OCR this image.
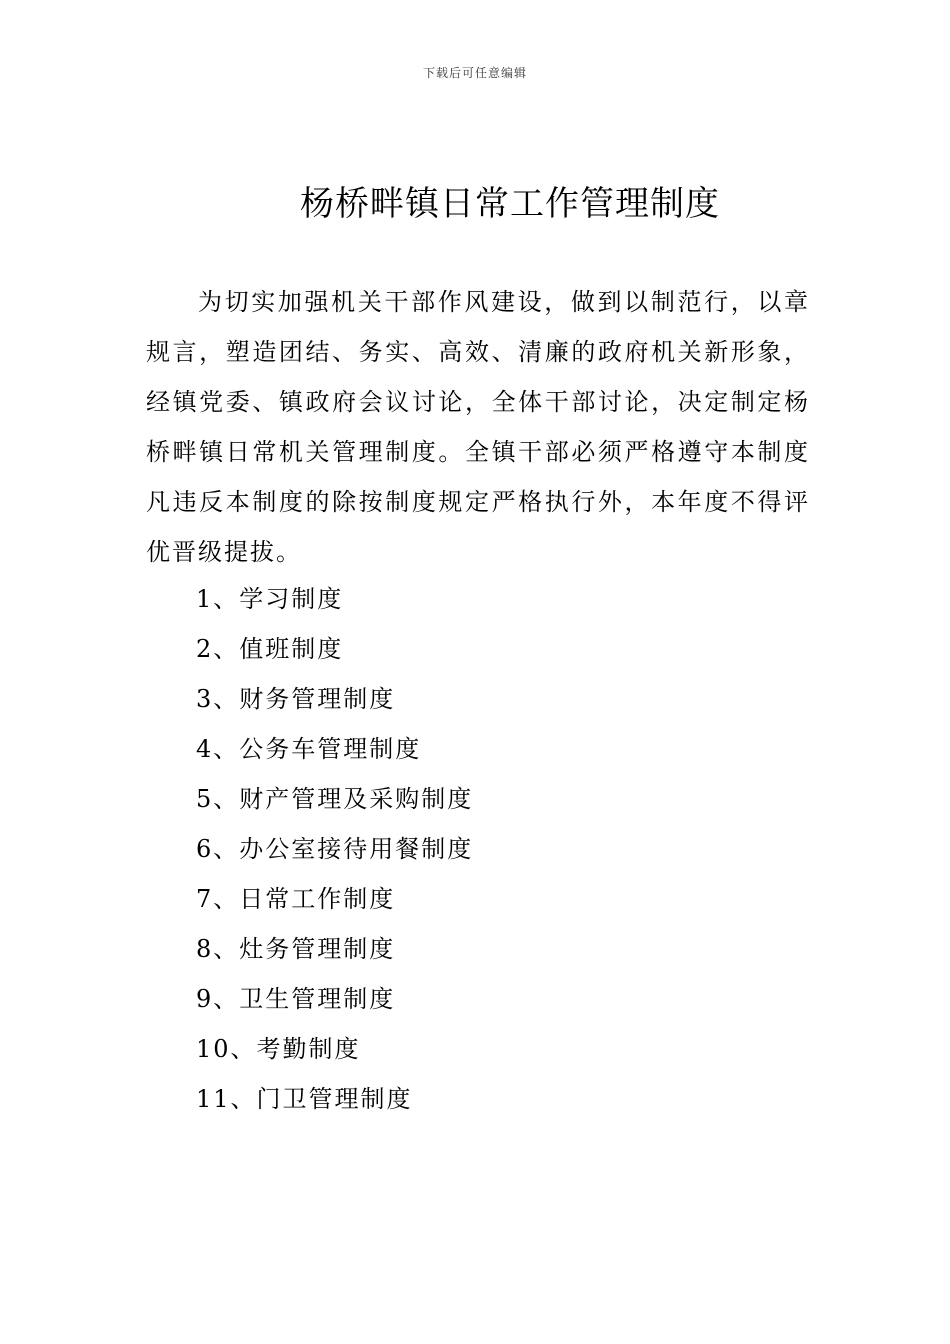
下载后可任意编辑
杨桥畔镇日常工作管理制度

为切实加强机关干部作风建设，做到以制范行，以章规言，塑造团结、务实、高效、清廉的政府机关新形象，经镇党委、镇政府会议讨论，全体干部讨论，决定制定杨桥畔镇日常机关管理制度。全镇干部必须严格遵守本制度凡违反本制度的除按制度规定严格执行外，本年度不得评优晋级提拔。

1、学习制度
2、值班制度
3、财务管理制度
4、公务车管理制度
5、财产管理及采购制度
6、办公室接待用餐制度
7、日常工作制度
8、灶务管理制度
9、卫生管理制度
10、考勤制度
11、门卫管理制度
